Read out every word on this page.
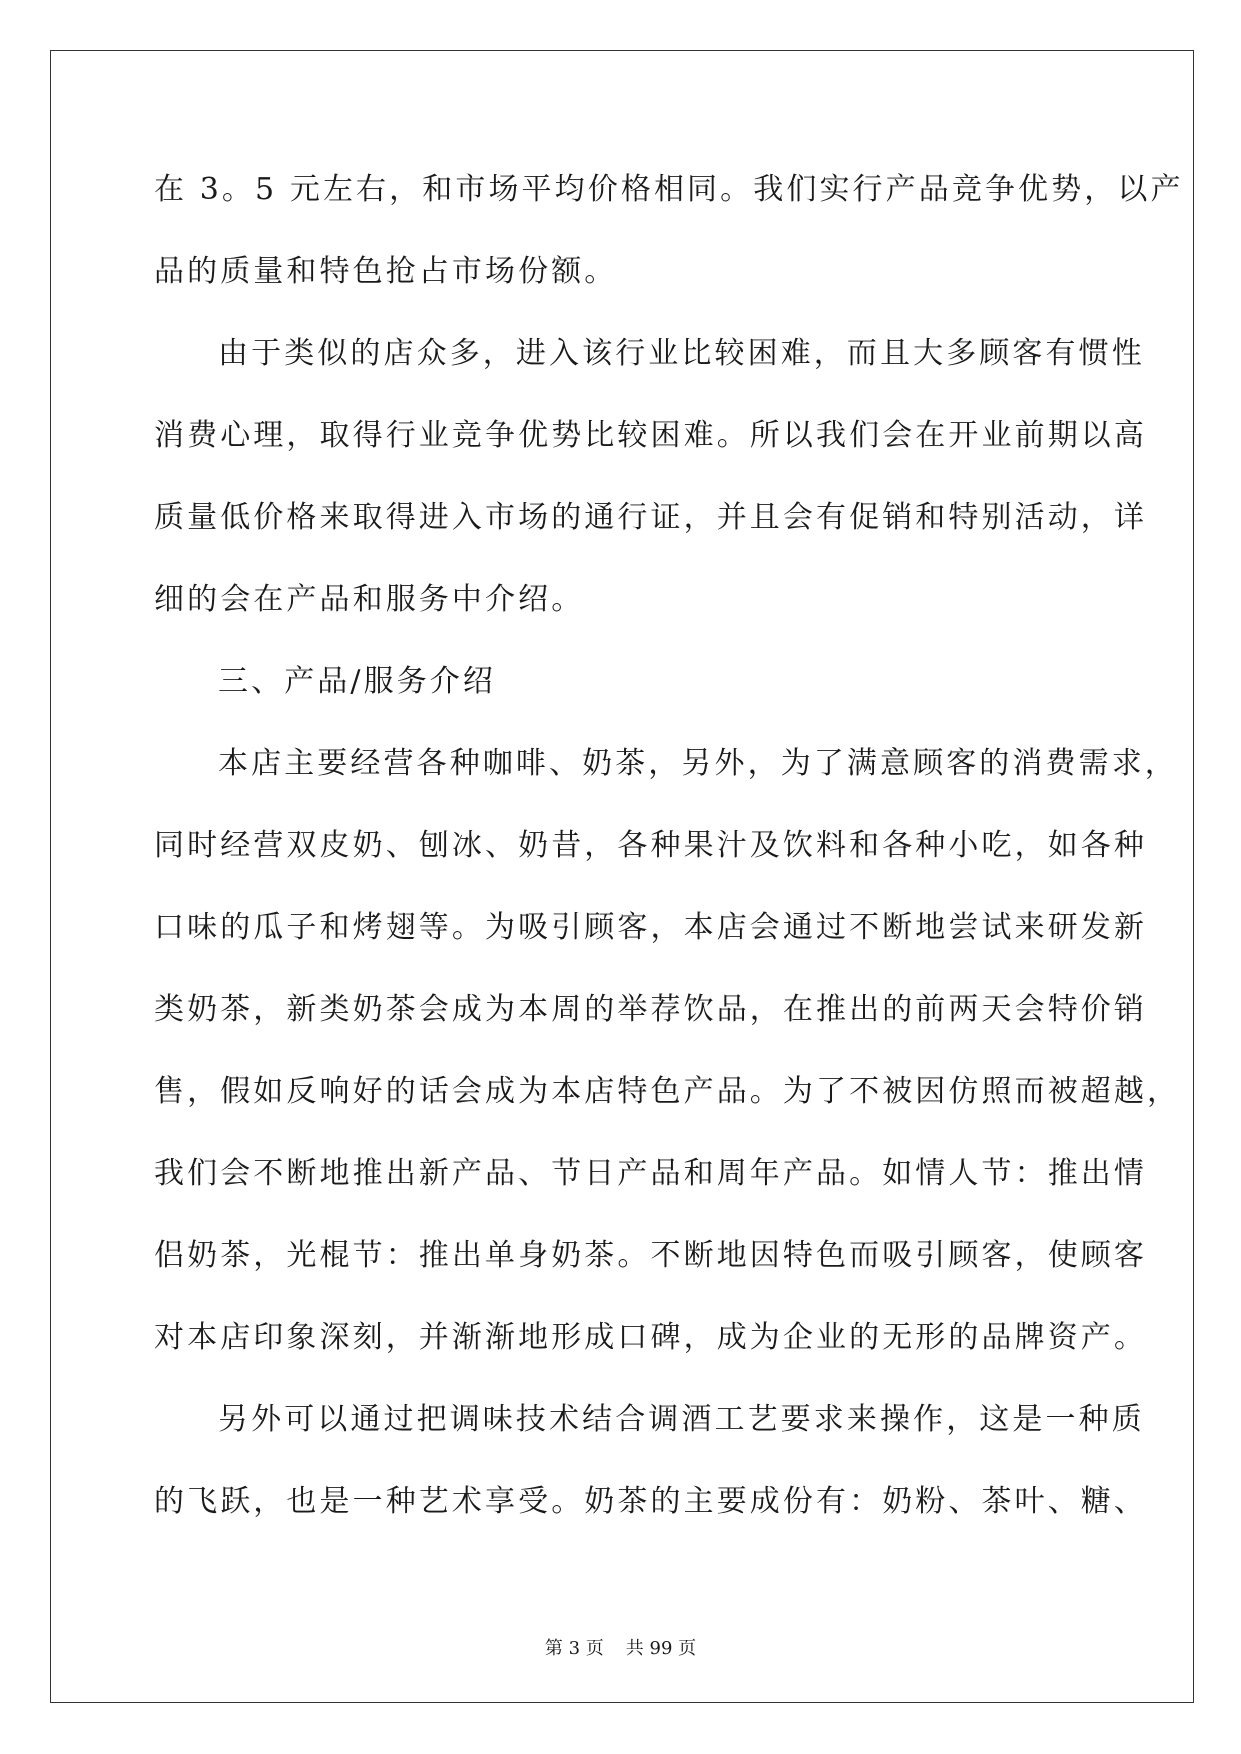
在 3。5 元左右，和市场平均价格相同。我们实行产品竞争优势，以产
品的质量和特色抢占市场份额。
由于类似的店众多，进入该行业比较困难，而且大多顾客有惯性
消费心理，取得行业竞争优势比较困难。所以我们会在开业前期以高
质量低价格来取得进入市场的通行证，并且会有促销和特别活动，详
细的会在产品和服务中介绍。
三、产品/服务介绍
本店主要经营各种咖啡、奶茶，另外，为了满意顾客的消费需求，
同时经营双皮奶、刨冰、奶昔，各种果汁及饮料和各种小吃，如各种
口味的瓜子和烤翅等。为吸引顾客，本店会通过不断地尝试来研发新
类奶茶，新类奶茶会成为本周的举荐饮品，在推出的前两天会特价销
售，假如反响好的话会成为本店特色产品。为了不被因仿照而被超越，
我们会不断地推出新产品、节日产品和周年产品。如情人节：推出情
侣奶茶，光棍节：推出单身奶茶。不断地因特色而吸引顾客，使顾客
对本店印象深刻，并渐渐地形成口碑，成为企业的无形的品牌资产。
另外可以通过把调味技术结合调酒工艺要求来操作，这是一种质
的飞跃，也是一种艺术享受。奶茶的主要成份有：奶粉、茶叶、糖、
第 3 页 共 99 页
